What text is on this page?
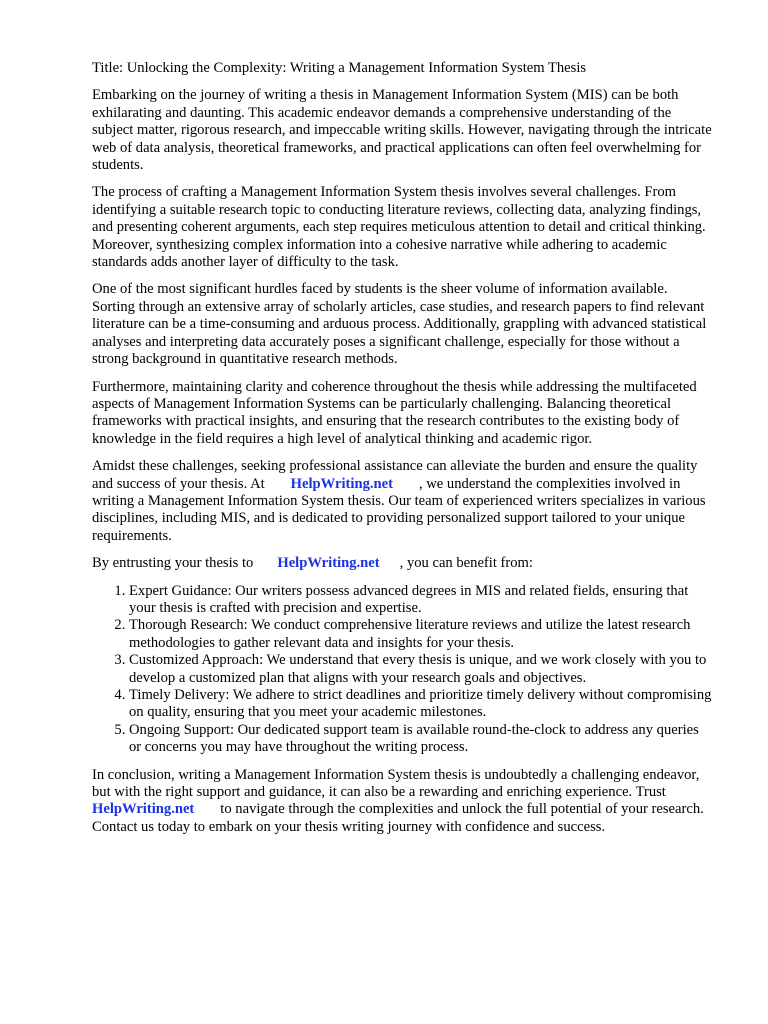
Title: Unlocking the Complexity: Writing a Management Information System Thesis

Embarking on the journey of writing a thesis in Management Information System (MIS) can be both exhilarating and daunting. This academic endeavor demands a comprehensive understanding of the subject matter, rigorous research, and impeccable writing skills. However, navigating through the intricate web of data analysis, theoretical frameworks, and practical applications can often feel overwhelming for students.

The process of crafting a Management Information System thesis involves several challenges. From identifying a suitable research topic to conducting literature reviews, collecting data, analyzing findings, and presenting coherent arguments, each step requires meticulous attention to detail and critical thinking. Moreover, synthesizing complex information into a cohesive narrative while adhering to academic standards adds another layer of difficulty to the task.

One of the most significant hurdles faced by students is the sheer volume of information available. Sorting through an extensive array of scholarly articles, case studies, and research papers to find relevant literature can be a time-consuming and arduous process. Additionally, grappling with advanced statistical analyses and interpreting data accurately poses a significant challenge, especially for those without a strong background in quantitative research methods.

Furthermore, maintaining clarity and coherence throughout the thesis while addressing the multifaceted aspects of Management Information Systems can be particularly challenging. Balancing theoretical frameworks with practical insights, and ensuring that the research contributes to the existing body of knowledge in the field requires a high level of analytical thinking and academic rigor.

Amidst these challenges, seeking professional assistance can alleviate the burden and ensure the quality and success of your thesis. At HelpWriting.net , we understand the complexities involved in writing a Management Information System thesis. Our team of experienced writers specializes in various disciplines, including MIS, and is dedicated to providing personalized support tailored to your unique requirements.

By entrusting your thesis to HelpWriting.net , you can benefit from:

1. Expert Guidance: Our writers possess advanced degrees in MIS and related fields, ensuring that your thesis is crafted with precision and expertise.
2. Thorough Research: We conduct comprehensive literature reviews and utilize the latest research methodologies to gather relevant data and insights for your thesis.
3. Customized Approach: We understand that every thesis is unique, and we work closely with you to develop a customized plan that aligns with your research goals and objectives.
4. Timely Delivery: We adhere to strict deadlines and prioritize timely delivery without compromising on quality, ensuring that you meet your academic milestones.
5. Ongoing Support: Our dedicated support team is available round-the-clock to address any queries or concerns you may have throughout the writing process.

In conclusion, writing a Management Information System thesis is undoubtedly a challenging endeavor, but with the right support and guidance, it can also be a rewarding and enriching experience. TrustHelpWriting.net to navigate through the complexities and unlock the full potential of your research. Contact us today to embark on your thesis writing journey with confidence and success.
